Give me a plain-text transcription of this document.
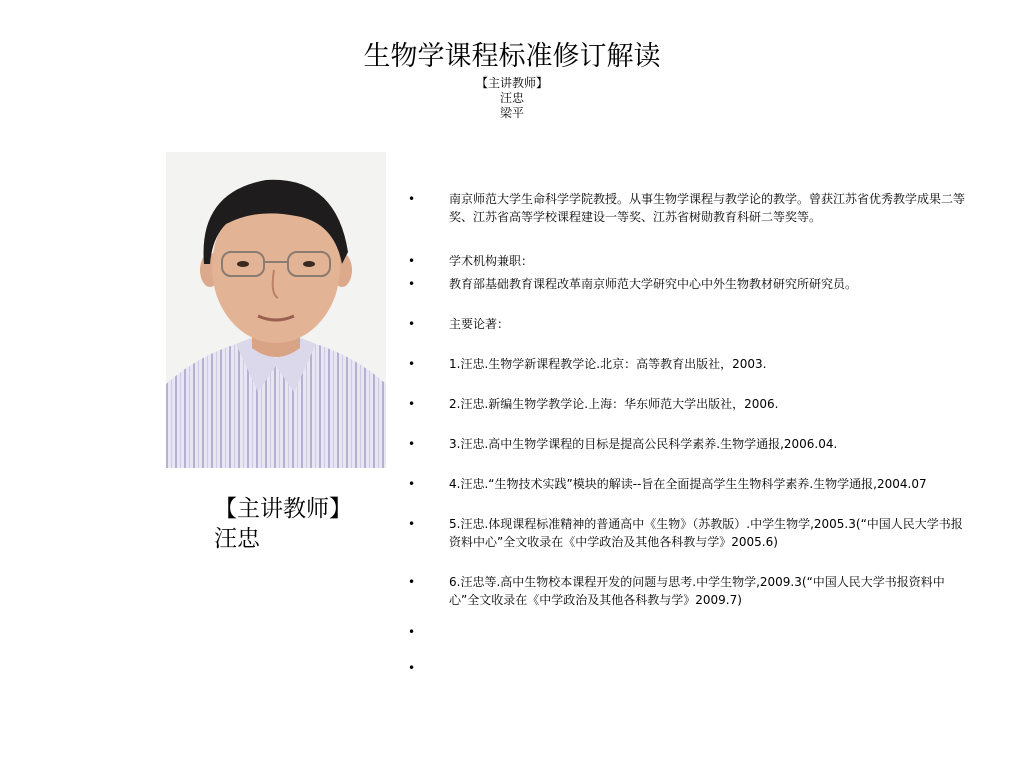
生物学课程标准修订解读
【主讲教师】
汪忠
梁平
【主讲教师】
汪忠
• 南京师范大学生命科学学院教授。从事生物学课程与教学论的教学。曾获江苏省优秀教学成果二等奖、江苏省高等学校课程建设一等奖、江苏省树勋教育科研二等奖等。
• 学术机构兼职：
• 教育部基础教育课程改革南京师范大学研究中心中外生物教材研究所研究员。
• 主要论著：
• 1.汪忠.生物学新课程教学论.北京：高等教育出版社，2003.
• 2.汪忠.新编生物学教学论.上海：华东师范大学出版社，2006.
• 3.汪忠.高中生物学课程的目标是提高公民科学素养.生物学通报,2006.04.
• 4.汪忠.“生物技术实践”模块的解读--旨在全面提高学生生物科学素养.生物学通报,2004.07
• 5.汪忠.体现课程标准精神的普通高中《生物》（苏教版）.中学生物学,2005.3(“中国人民大学书报资料中心”全文收录在《中学政治及其他各科教与学》2005.6)
• 6.汪忠等.高中生物校本课程开发的问题与思考.中学生物学,2009.3(“中国人民大学书报资料中心”全文收录在《中学政治及其他各科教与学》2009.7)
•
•
